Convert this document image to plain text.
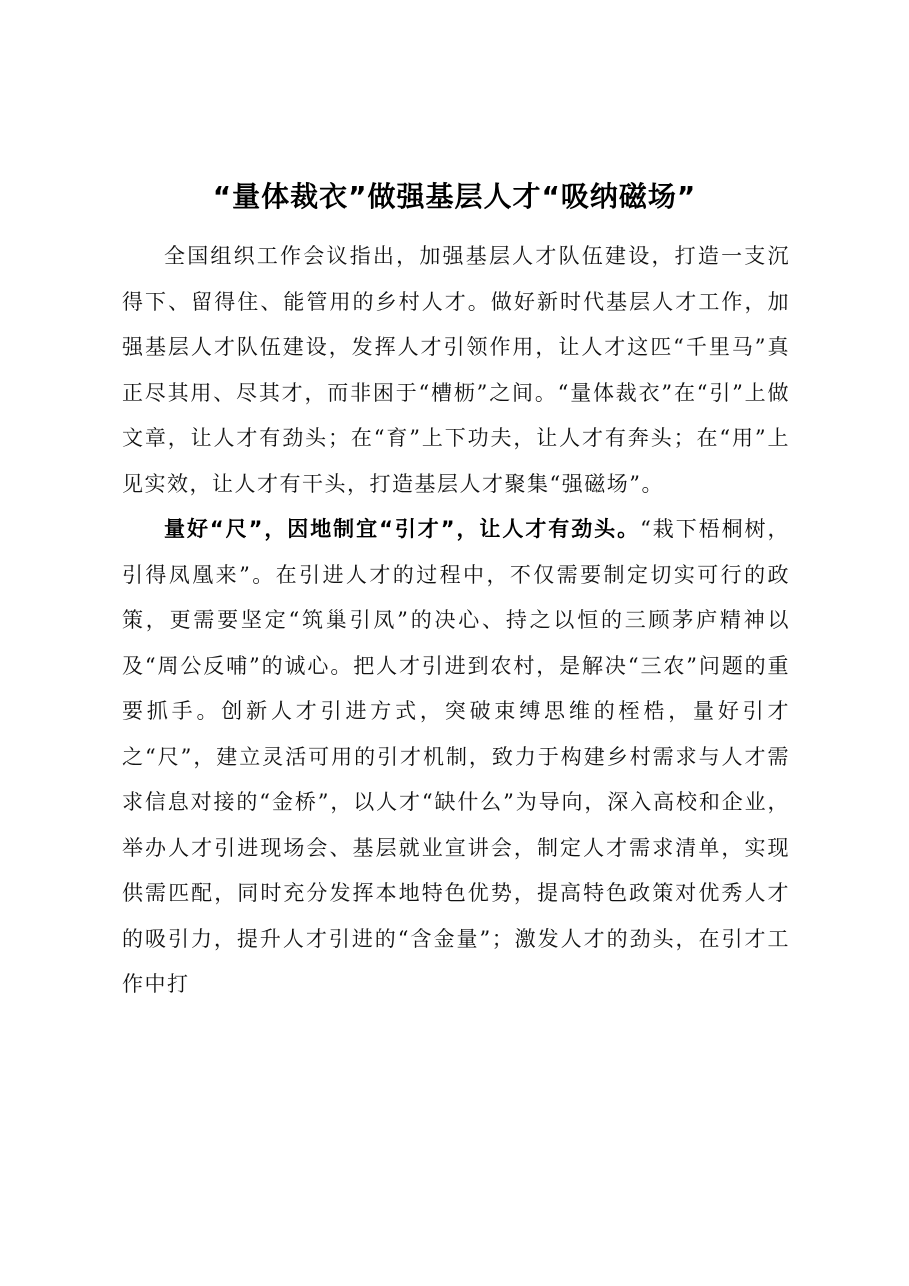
“量体裁衣”做强基层人才“吸纳磁场”

全国组织工作会议指出，加强基层人才队伍建设，打造一支沉得下、留得住、能管用的乡村人才。做好新时代基层人才工作，加强基层人才队伍建设，发挥人才引领作用，让人才这匹“千里马”真正尽其用、尽其才，而非困于“槽枥”之间。“量体裁衣”在“引”上做文章，让人才有劲头；在“育”上下功夫，让人才有奔头；在“用”上见实效，让人才有干头，打造基层人才聚集“强磁场”。

量好“尺”，因地制宜“引才”，让人才有劲头。“栽下梧桐树，引得凤凰来”。在引进人才的过程中，不仅需要制定切实可行的政策，更需要坚定“筑巢引凤”的决心、持之以恒的三顾茅庐精神以及“周公反哺”的诚心。把人才引进到农村，是解决“三农”问题的重要抓手。创新人才引进方式，突破束缚思维的桎梏，量好引才之“尺”，建立灵活可用的引才机制，致力于构建乡村需求与人才需求信息对接的“金桥”，以人才“缺什么”为导向，深入高校和企业，举办人才引进现场会、基层就业宣讲会，制定人才需求清单，实现供需匹配，同时充分发挥本地特色优势，提高特色政策对优秀人才的吸引力，提升人才引进的“含金量”；激发人才的劲头，在引才工作中打
